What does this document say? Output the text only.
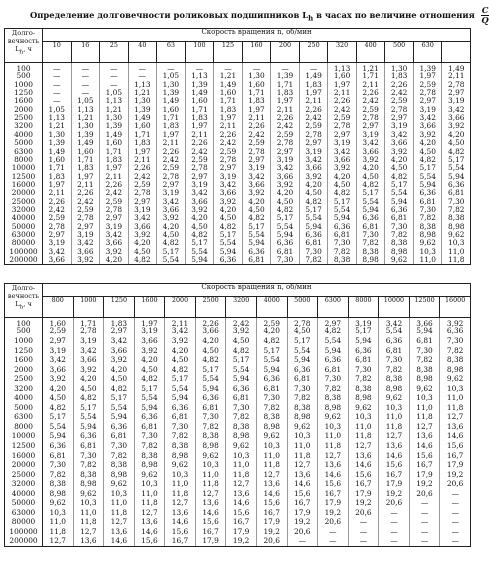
Определение долговечности роликовых подшипников $L_h$ в часах по величине отношения $\frac{C}{Q}$
Долго-
вечность
$L_h$, ч	Скорость вращения n, об/мин														
	10	16	25	40	63	100	125	160	200	250	320	400	500	630	
100	—	—	—	—	—	—	—	—	—	—	1,13	1,21	1,30	1,39	1,49
500	—	—	—	—	1,05	1,13	1,21	1,30	1,39	1,49	1,60	1,71	1,83	1,97	2,11
1000	—	—	—	1,13	1,30	1,39	1,49	1,60	1,71	1,83	1,97	2,11	2,26	2,59	2,78
1250	—	—	1,05	1,21	1,39	1,49	1,60	1,71	1,83	1,97	2,11	2,26	2,42	2,78	2,97
1600	—	1,05	1,13	1,30	1,49	1,60	1,71	1,83	1,97	2,11	2,26	2,42	2,59	2,97	3,19
2000	1,05	1,13	1,21	1,39	1,60	1,71	1,83	1,97	2,11	2,26	2,42	2,59	2,78	3,19	3,42
2500	1,13	1,21	1,30	1,49	1,71	1,83	1,97	2,11	2,26	2,42	2,59	2,78	2,97	3,42	3,66
3200	1,21	1,30	1,39	1,60	1,83	1,97	2,11	2,26	2,42	2,59	2,78	2,97	3,19	3,66	3,92
4000	1,30	1,39	1,49	1,71	1,97	2,11	2,26	2,42	2,59	2,78	2,97	3,19	3,42	3,92	4,20
5000	1,39	1,49	1,60	1,83	2,11	2,26	2,42	2,59	2,78	2,97	3,19	3,42	3,66	4,20	4,50
6300	1,49	1,60	1,71	1,97	2,26	2,42	2,59	2,78	2,97	3,19	3,42	3,66	3,92	4,50	4,82
8000	1,60	1,71	1,83	2,11	2,42	2,59	2,78	2,97	3,19	3,42	3,66	3,92	4,20	4,82	5,17
10000	1,71	1,83	1,97	2,26	2,59	2,78	2,97	3,19	3,42	3,66	3,92	4,20	4,50	5,17	5,54
12500	1,83	1,97	2,11	2,42	2,78	2,97	3,19	3,42	3,66	3,92	4,20	4,50	4,82	5,54	5,94
16000	1,97	2,11	2,26	2,59	2,97	3,19	3,42	3,66	3,92	4,20	4,50	4,82	5,17	5,94	6,36
20000	2,11	2,26	2,42	2,78	3,19	3,42	3,66	3,92	4,20	4,50	4,82	5,17	5,54	6,36	6,81
25000	2,26	2,42	2,59	2,97	3,42	3,66	3,92	4,20	4,50	4,82	5,17	5,54	5,94	6,81	7,30
32000	2,42	2,59	2,78	3,19	3,66	3,92	4,20	4,50	4,82	5,17	5,54	5,94	6,36	7,30	7,82
40000	2,59	2,78	2,97	3,42	3,92	4,20	4,50	4,82	5,17	5,54	5,94	6,36	6,81	7,82	8,38
50000	2,78	2,97	3,19	3,66	4,20	4,50	4,82	5,17	5,54	5,94	6,36	6,81	7,30	8,38	8,98
63000	2,97	3,19	3,42	3,92	4,50	4,82	5,17	5,54	5,94	6,36	6,81	7,30	7,82	8,98	9,62
80000	3,19	3,42	3,66	4,20	4,82	5,17	5,54	5,94	6,36	6,81	7,30	7,82	8,38	9,62	10,3
100000	3,42	3,66	3,92	4,50	5,17	5,54	5,94	6,36	6,81	7,30	7,82	8,38	8,98	10,3	11,0
200000	3,66	3,92	4,20	4,82	5,54	5,94	6,36	6,81	7,30	7,82	8,38	8,98	9,62	11,0	11,8
Долго-
вечность
$L_h$, ч	Скорость вращения n, об/мин													
	800	1000	1250	1600	2000	2500	3200	4000	5000	6300	8000	10000	12500	16000
100	1,60	1,71	1,83	1,97	2,11	2,26	2,42	2,59	2,78	2,97	3,19	3,42	3,66	3,92
500	2,59	2,78	2,97	3,19	3,42	3,66	3,92	4,20	4,50	4,82	5,17	5,54	5,94	6,36
1000	2,97	3,19	3,42	3,66	3,92	4,20	4,50	4,82	5,17	5,54	5,94	6,36	6,81	7,30
1250	3,19	3,42	3,66	3,92	4,20	4,50	4,82	5,17	5,54	5,94	6,36	6,81	7,30	7,82
1600	3,42	3,66	3,92	4,20	4,50	4,82	5,17	5,54	5,94	6,36	6,81	7,30	7,82	8,38
2000	3,66	3,92	4,20	4,50	4,82	5,17	5,54	5,94	6,36	6,81	7,30	7,82	8,38	8,98
2500	3,92	4,20	4,50	4,82	5,17	5,54	5,94	6,36	6,81	7,30	7,82	8,38	8,98	9,62
3200	4,20	4,50	4,82	5,17	5,54	5,94	6,36	6,81	7,30	7,82	8,38	8,98	9,62	10,3
4000	4,50	4,82	5,17	5,54	5,94	6,36	6,81	7,30	7,82	8,38	8,98	9,62	10,3	11,0
5000	4,82	5,17	5,54	5,94	6,36	6,81	7,30	7,82	8,38	8,98	9,62	10,3	11,0	11,8
6300	5,17	5,54	5,94	6,36	6,81	7,30	7,82	8,38	8,98	9,62	10,3	11,0	11,8	12,7
8000	5,54	5,94	6,36	6,81	7,30	7,82	8,38	8,98	9,62	10,3	11,0	11,8	12,7	13,6
10000	5,94	6,36	6,81	7,30	7,82	8,38	8,98	9,62	10,3	11,0	11,8	12,7	13,6	14,6
12500	6,36	6,81	7,30	7,82	8,38	8,98	9,62	10,3	11,0	11,8	12,7	13,6	14,6	15,6
16000	6,81	7,30	7,82	8,38	8,98	9,62	10,3	11,0	11,8	12,7	13,6	14,6	15,6	16,7
20000	7,30	7,82	8,38	8,98	9,62	10,3	11,0	11,8	12,7	13,6	14,6	15,6	16,7	17,9
25000	7,82	8,38	8,98	9,62	10,3	11,0	11,8	12,7	13,6	14,6	15,6	16,7	17,9	19,2
32000	8,38	8,98	9,62	10,3	11,0	11,8	12,7	13,6	14,6	15,6	16,7	17,9	19,2	20,6
40000	8,98	9,62	10,3	11,0	11,8	12,7	13,6	14,6	15,6	16,7	17,9	19,2	20,6	—
50000	9,62	10,3	11,0	11,8	12,7	13,6	14,6	15,6	16,7	17,9	19,2	20,6	—	—
63000	10,3	11,0	11,8	12,7	13,6	14,6	15,6	16,7	17,9	19,2	20,6	—	—	—
80000	11,0	11,8	12,7	13,6	14,6	15,6	16,7	17,9	19,2	20,6	—	—	—	—
100000	11,8	12,7	13,6	14,6	15,6	16,7	17,9	19,2	20,6	—	—	—	—	—
200000	12,7	13,6	14,6	15,6	16,7	17,9	19,2	20,6	—	—	—	—	—	—
